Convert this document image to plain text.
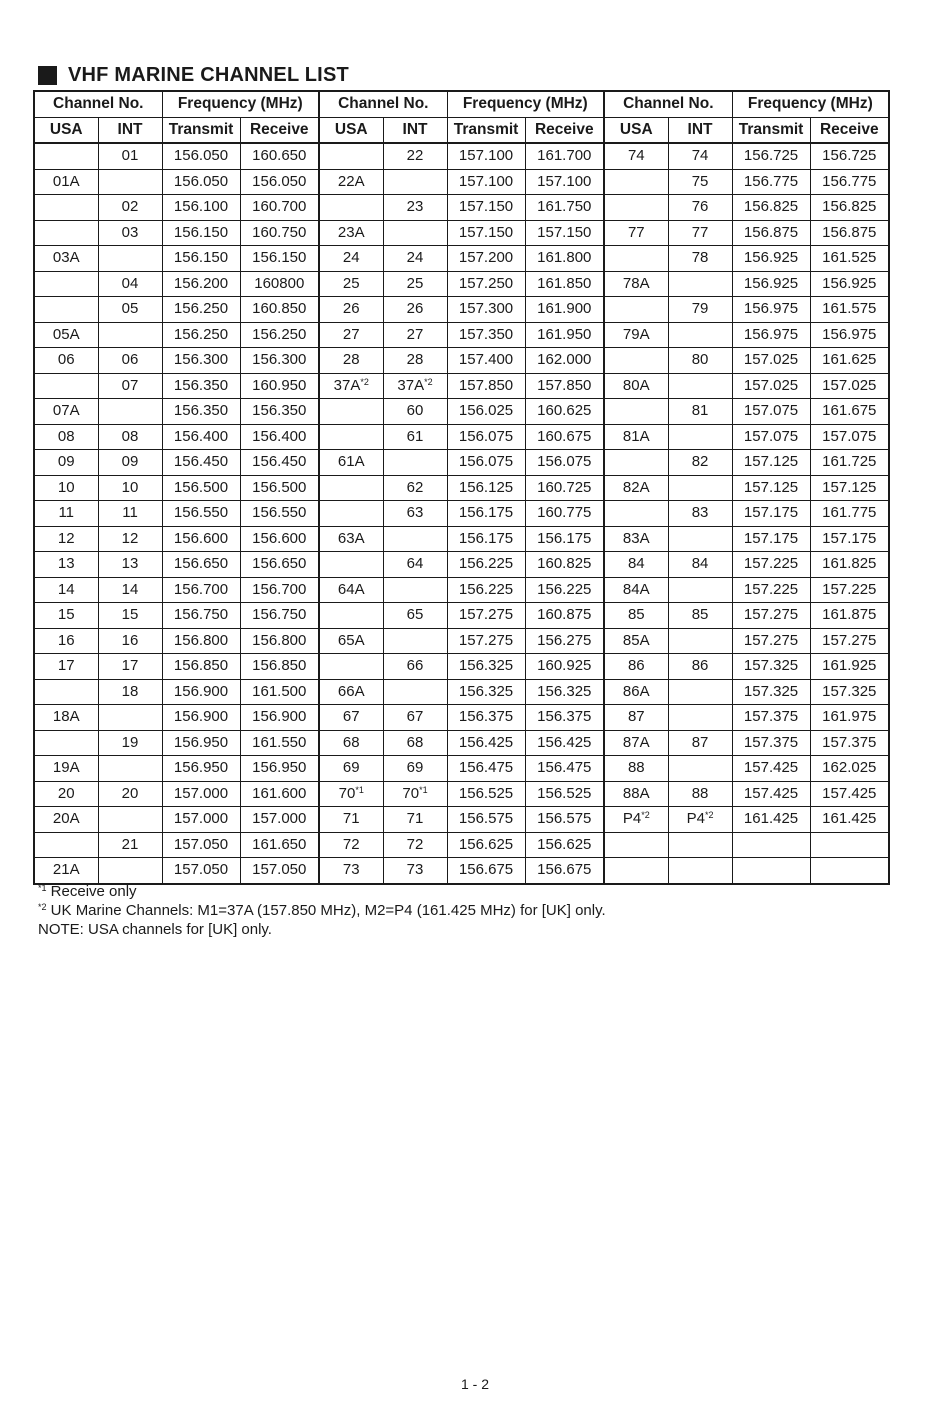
VHF MARINE CHANNEL LIST
Channel No.		Frequency (MHz)		Channel No.		Frequency (MHz)		Channel No.		Frequency (MHz)	
USA	INT	Transmit	Receive	USA	INT	Transmit	Receive	USA	INT	Transmit	Receive
	01	156.050	160.650		22	157.100	161.700	74	74	156.725	156.725
01A		156.050	156.050	22A		157.100	157.100		75	156.775	156.775
	02	156.100	160.700		23	157.150	161.750		76	156.825	156.825
	03	156.150	160.750	23A		157.150	157.150	77	77	156.875	156.875
03A		156.150	156.150	24	24	157.200	161.800		78	156.925	161.525
	04	156.200	160800	25	25	157.250	161.850	78A		156.925	156.925
	05	156.250	160.850	26	26	157.300	161.900		79	156.975	161.575
05A		156.250	156.250	27	27	157.350	161.950	79A		156.975	156.975
06	06	156.300	156.300	28	28	157.400	162.000		80	157.025	161.625
	07	156.350	160.950	37A$^{*2}$	37A$^{*2}$	157.850	157.850	80A		157.025	157.025
07A		156.350	156.350		60	156.025	160.625		81	157.075	161.675
08	08	156.400	156.400		61	156.075	160.675	81A		157.075	157.075
09	09	156.450	156.450	61A		156.075	156.075		82	157.125	161.725
10	10	156.500	156.500		62	156.125	160.725	82A		157.125	157.125
11	11	156.550	156.550		63	156.175	160.775		83	157.175	161.775
12	12	156.600	156.600	63A		156.175	156.175	83A		157.175	157.175
13	13	156.650	156.650		64	156.225	160.825	84	84	157.225	161.825
14	14	156.700	156.700	64A		156.225	156.225	84A		157.225	157.225
15	15	156.750	156.750		65	157.275	160.875	85	85	157.275	161.875
16	16	156.800	156.800	65A		157.275	156.275	85A		157.275	157.275
17	17	156.850	156.850		66	156.325	160.925	86	86	157.325	161.925
	18	156.900	161.500	66A		156.325	156.325	86A		157.325	157.325
18A		156.900	156.900	67	67	156.375	156.375	87		157.375	161.975
	19	156.950	161.550	68	68	156.425	156.425	87A	87	157.375	157.375
19A		156.950	156.950	69	69	156.475	156.475	88		157.425	162.025
20	20	157.000	161.600	70$^{*1}$	70$^{*1}$	156.525	156.525	88A	88	157.425	157.425
20A		157.000	157.000	71	71	156.575	156.575	P4$^{*2}$	P4$^{*2}$	161.425	161.425
	21	157.050	161.650	72	72	156.625	156.625				
21A		157.050	157.050	73	73	156.675	156.675				
$^{*1}$ Receive only
$^{*2}$ UK Marine Channels: M1=37A (157.850 MHz), M2=P4 (161.425 MHz) for [UK] only.
NOTE: USA channels for [UK] only.
1 - 2
